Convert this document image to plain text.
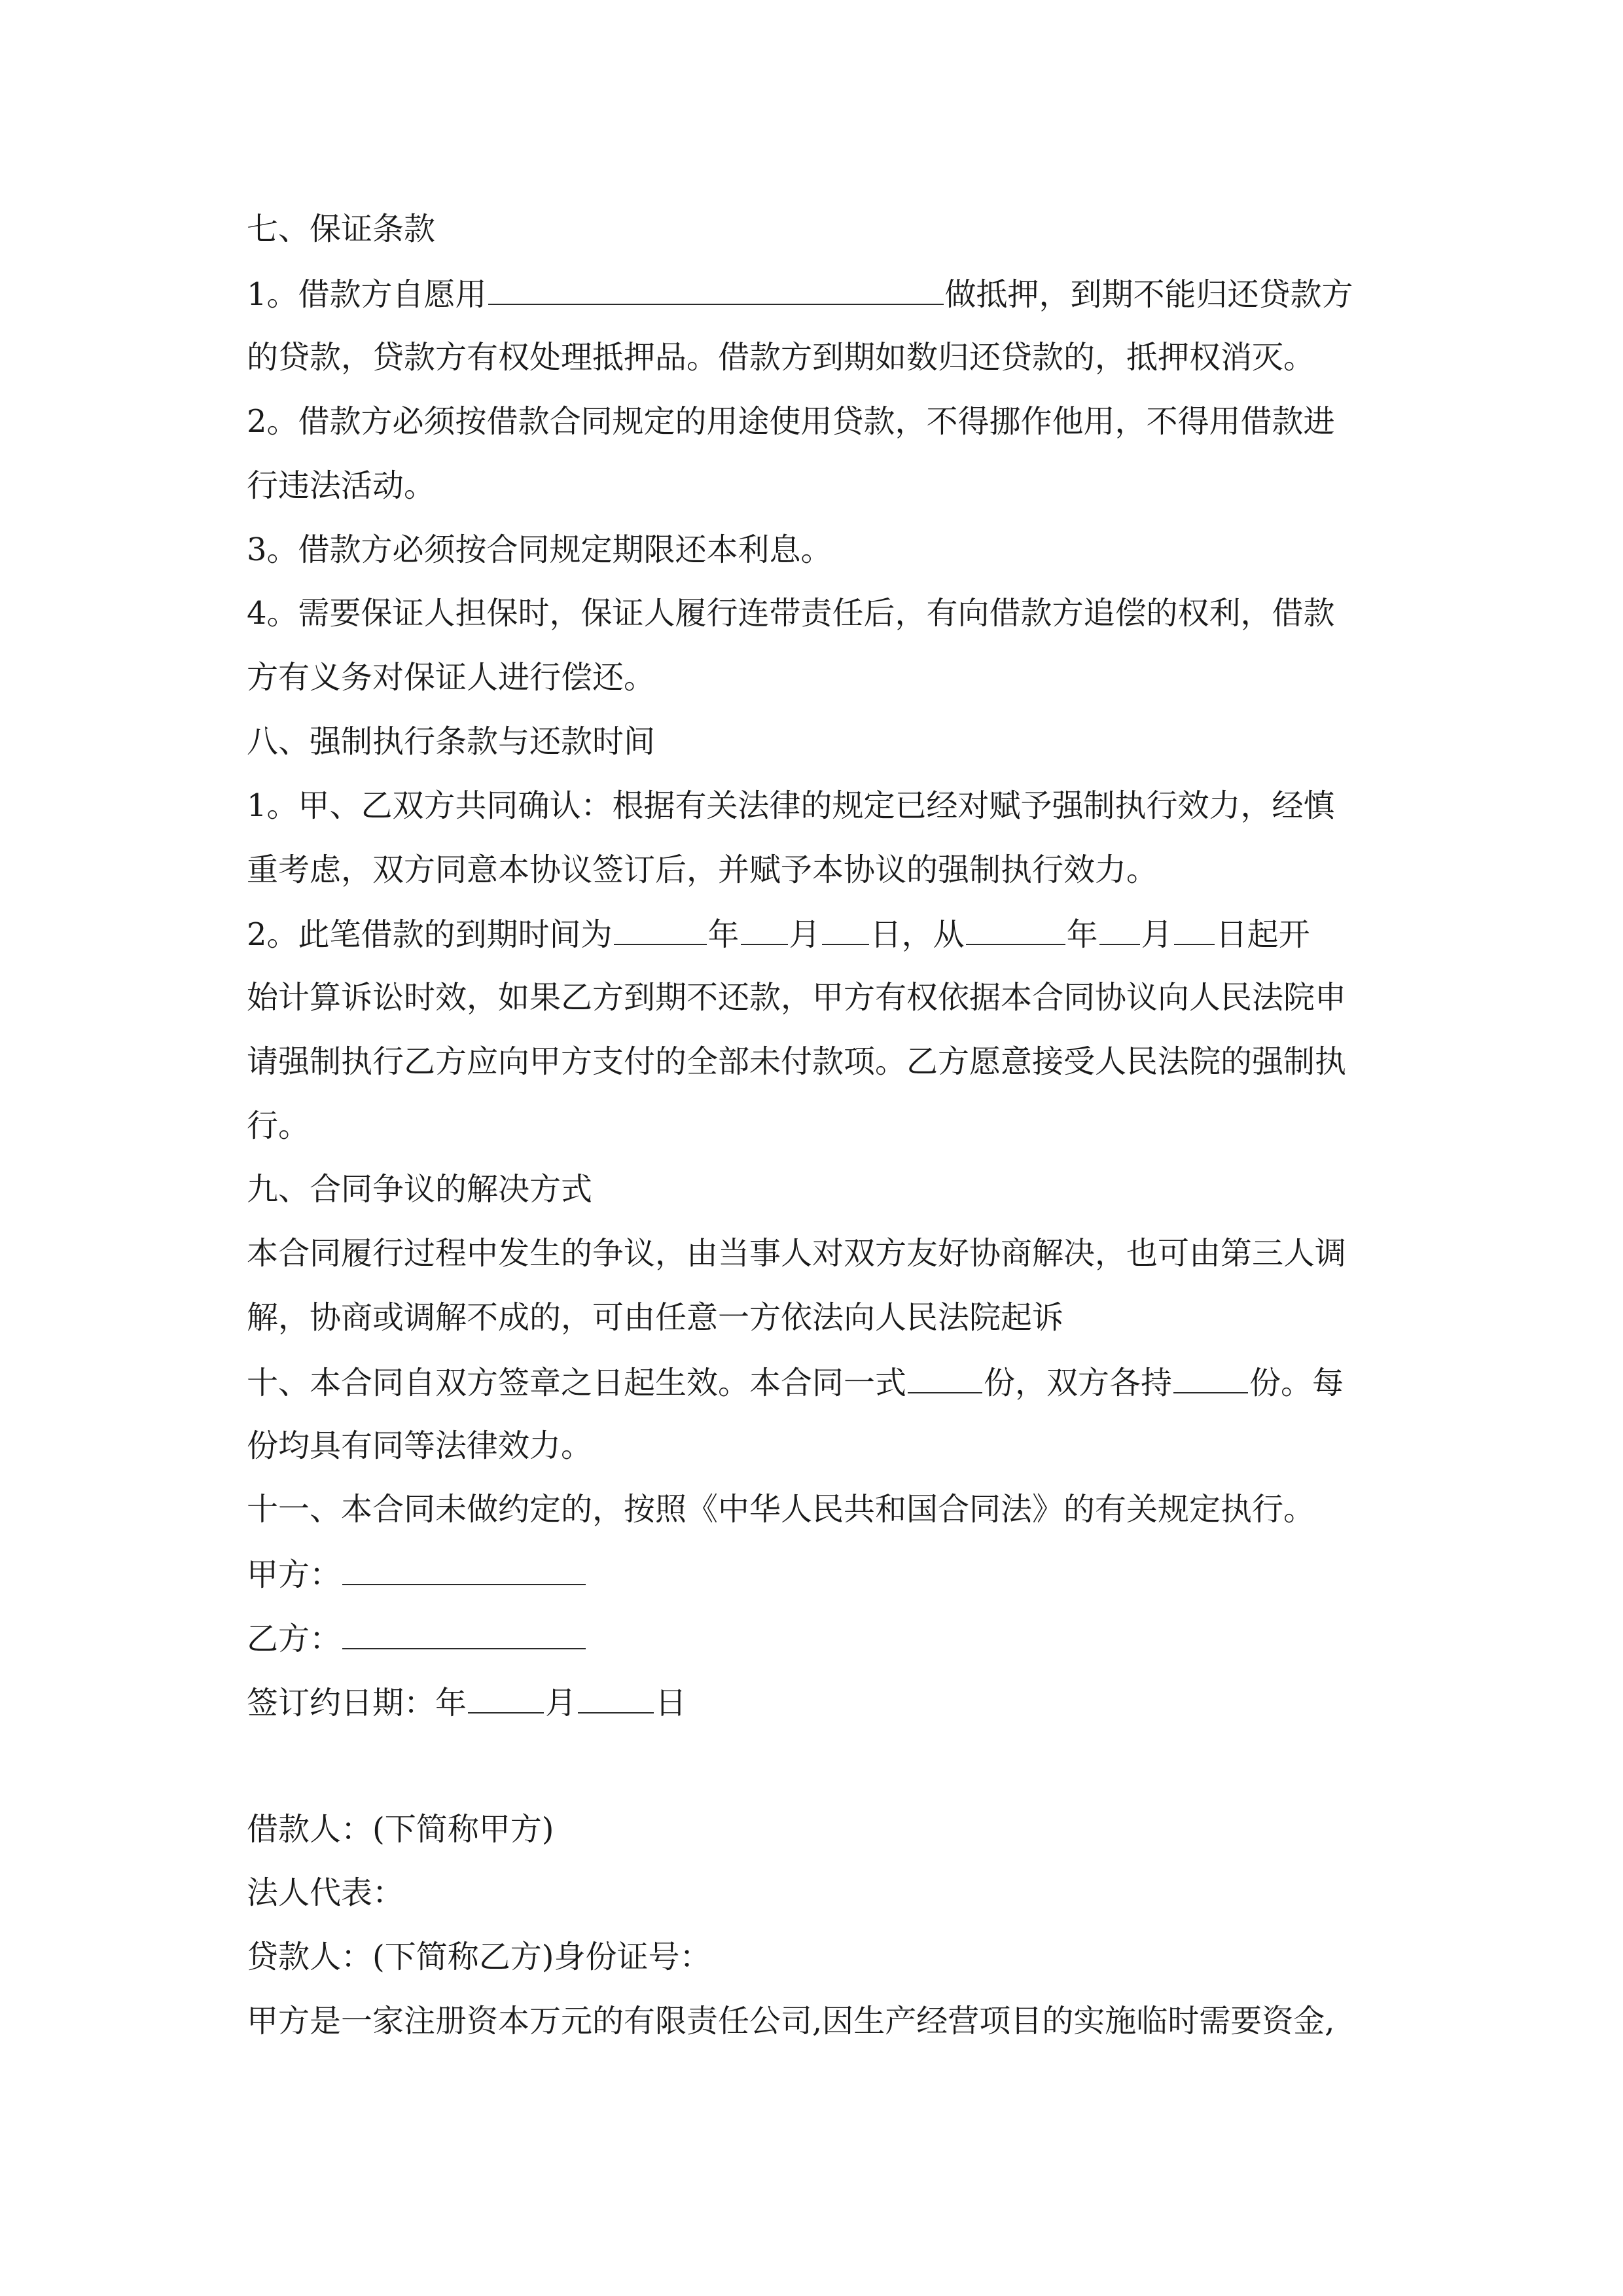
七、保证条款

1。借款方自愿用	做抵押，到期不能归还贷款方

的贷款，贷款方有权处理抵押品。借款方到期如数归还贷款的，抵押权消灭。

2。借款方必须按借款合同规定的用途使用贷款，不得挪作他用，不得用借款进

行违法活动。

3。借款方必须按合同规定期限还本利息。

4。需要保证人担保时，保证人履行连带责任后，有向借款方追偿的权利，借款

方有义务对保证人进行偿还。

八、强制执行条款与还款时间

1。甲、乙双方共同确认：根据有关法律的规定已经对赋予强制执行效力，经慎

重考虑，双方同意本协议签订后，并赋予本协议的强制执行效力。

2。此笔借款的到期时间为	年 月 日，从	年 月 日起开

始计算诉讼时效，如果乙方到期不还款，甲方有权依据本合同协议向人民法院申

请强制执行乙方应向甲方支付的全部未付款项。乙方愿意接受人民法院的强制执

行。

九、合同争议的解决方式

本合同履行过程中发生的争议，由当事人对双方友好协商解决，也可由第三人调

解，协商或调解不成的，可由任意一方依法向人民法院起诉

十、本合同自双方签章之日起生效。本合同一式 份，双方各持 份。每

份均具有同等法律效力。

十一、本合同未做约定的，按照《中华人民共和国合同法》的有关规定执行。

甲方：

乙方：

签订约日期：年	月	日

借款人：(下简称甲方)

法人代表：

贷款人：(下简称乙方)身份证号：

甲方是一家注册资本万元的有限责任公司,因生产经营项目的实施临时需要资金,
